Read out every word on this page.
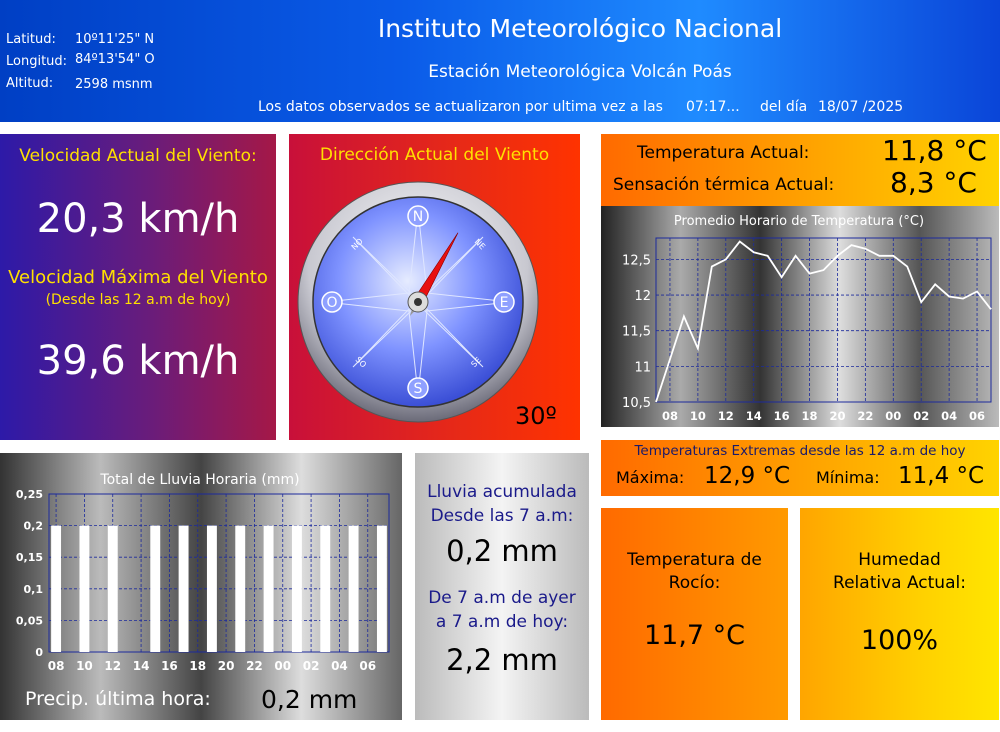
Latitud: 10º11'25" N
Longitud: 84º13'54" O
Altitud: 2598 msnm
Instituto Meteorológico Nacional
Estación Meteorológica Volcán Poás
Los datos observados se actualizaron por ultima vez a las 07:17... del día 18/07 /2025
Velocidad Actual del Viento:
20,3 km/h
Velocidad Máxima del Viento
(Desde las 12 a.m de hoy)
39,6 km/h
Dirección Actual del Viento
N
S
O	E
NO	NE
SO	SE
30º
Temperatura Actual:	11,8 °C
Sensación térmica Actual: 8,3 °C
Promedio Horario de Temperatura (°C)
10,5
11
11,5
12
12,5
08 10 12 14 16 18 20 22 00 02 04 06
Temperaturas Extremas desde las 12 a.m de hoy
Máxima: 12,9 °C Mínima: 11,4 °C
Total de Lluvia Horaria (mm)
0
0,05
0,1
0,15
0,2
0,25
08 10 12 14 16 18 20 22 00 02 04 06
Precip. última hora: 0,2 mm
Lluvia acumulada
Desde las 7 a.m:
0,2 mm
De 7 a.m de ayer
a 7 a.m de hoy:
2,2 mm
Temperatura de
Rocío:
11,7 °C
Humedad
Relativa Actual:
100%
